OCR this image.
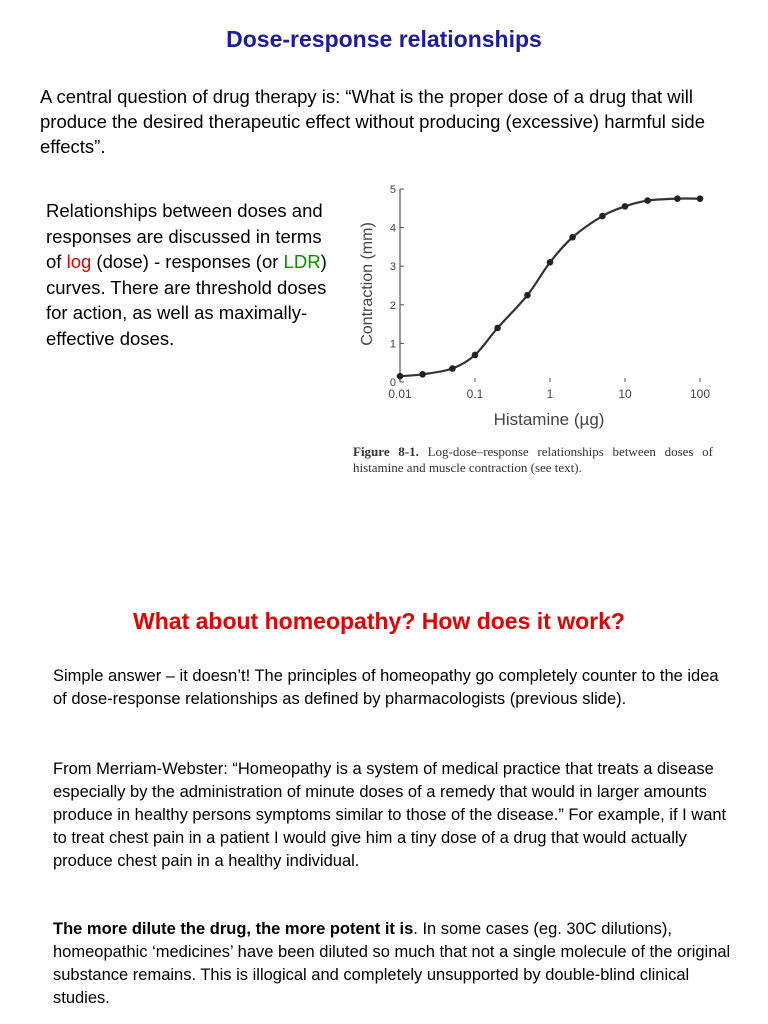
Dose-response relationships

A central question of drug therapy is: “What is the proper dose of a drug that will produce the desired therapeutic effect without producing (excessive) harmful side effects”.

Relationships between doses and responses are discussed in terms of log (dose) - responses (or LDR) curves. There are threshold doses for action, as well as maximally-effective doses.

0
1
2
3
4
5
0.01	0.1	1	10	100
Histamine (µg)
Contraction (mm)

Figure 8-1. Log-dose–response relationships between doses of histamine and muscle contraction (see text).

What about homeopathy? How does it work?

Simple answer – it doesn’t! The principles of homeopathy go completely counter to the idea of dose-response relationships as defined by pharmacologists (previous slide).

From Merriam-Webster: “Homeopathy is a system of medical practice that treats a disease especially by the administration of minute doses of a remedy that would in larger amounts produce in healthy persons symptoms similar to those of the disease.” For example, if I want to treat chest pain in a patient I would give him a tiny dose of a drug that would actually produce chest pain in a healthy individual.

The more dilute the drug, the more potent it is. In some cases (eg. 30C dilutions), homeopathic ‘medicines’ have been diluted so much that not a single molecule of the original substance remains. This is illogical and completely unsupported by double-blind clinical studies.
